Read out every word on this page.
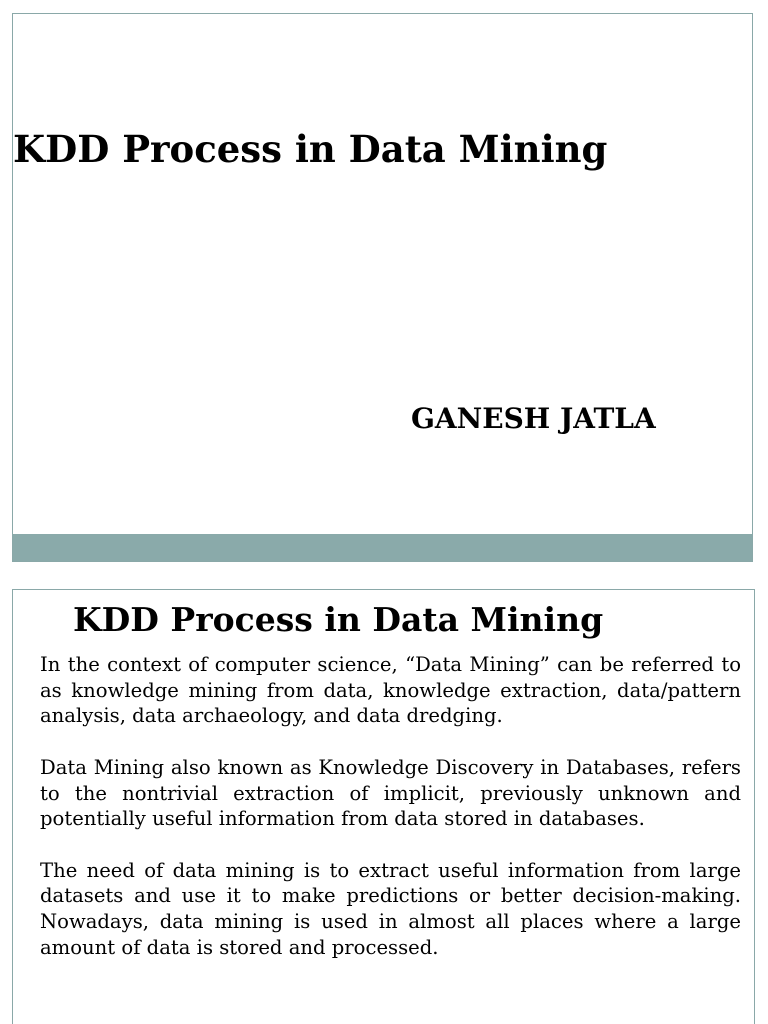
KDD Process in Data Mining
GANESH JATLA
KDD Process in Data Mining

In the context of computer science, “Data Mining” can be referred to as knowledge mining from data, knowledge extraction, data/pattern analysis, data archaeology, and data dredging.

Data Mining also known as Knowledge Discovery in Databases, refers to the nontrivial extraction of implicit, previously unknown and potentially useful information from data stored in databases.

The need of data mining is to extract useful information from large datasets and use it to make predictions or better decision-making. Nowadays, data mining is used in almost all places where a large amount of data is stored and processed.
